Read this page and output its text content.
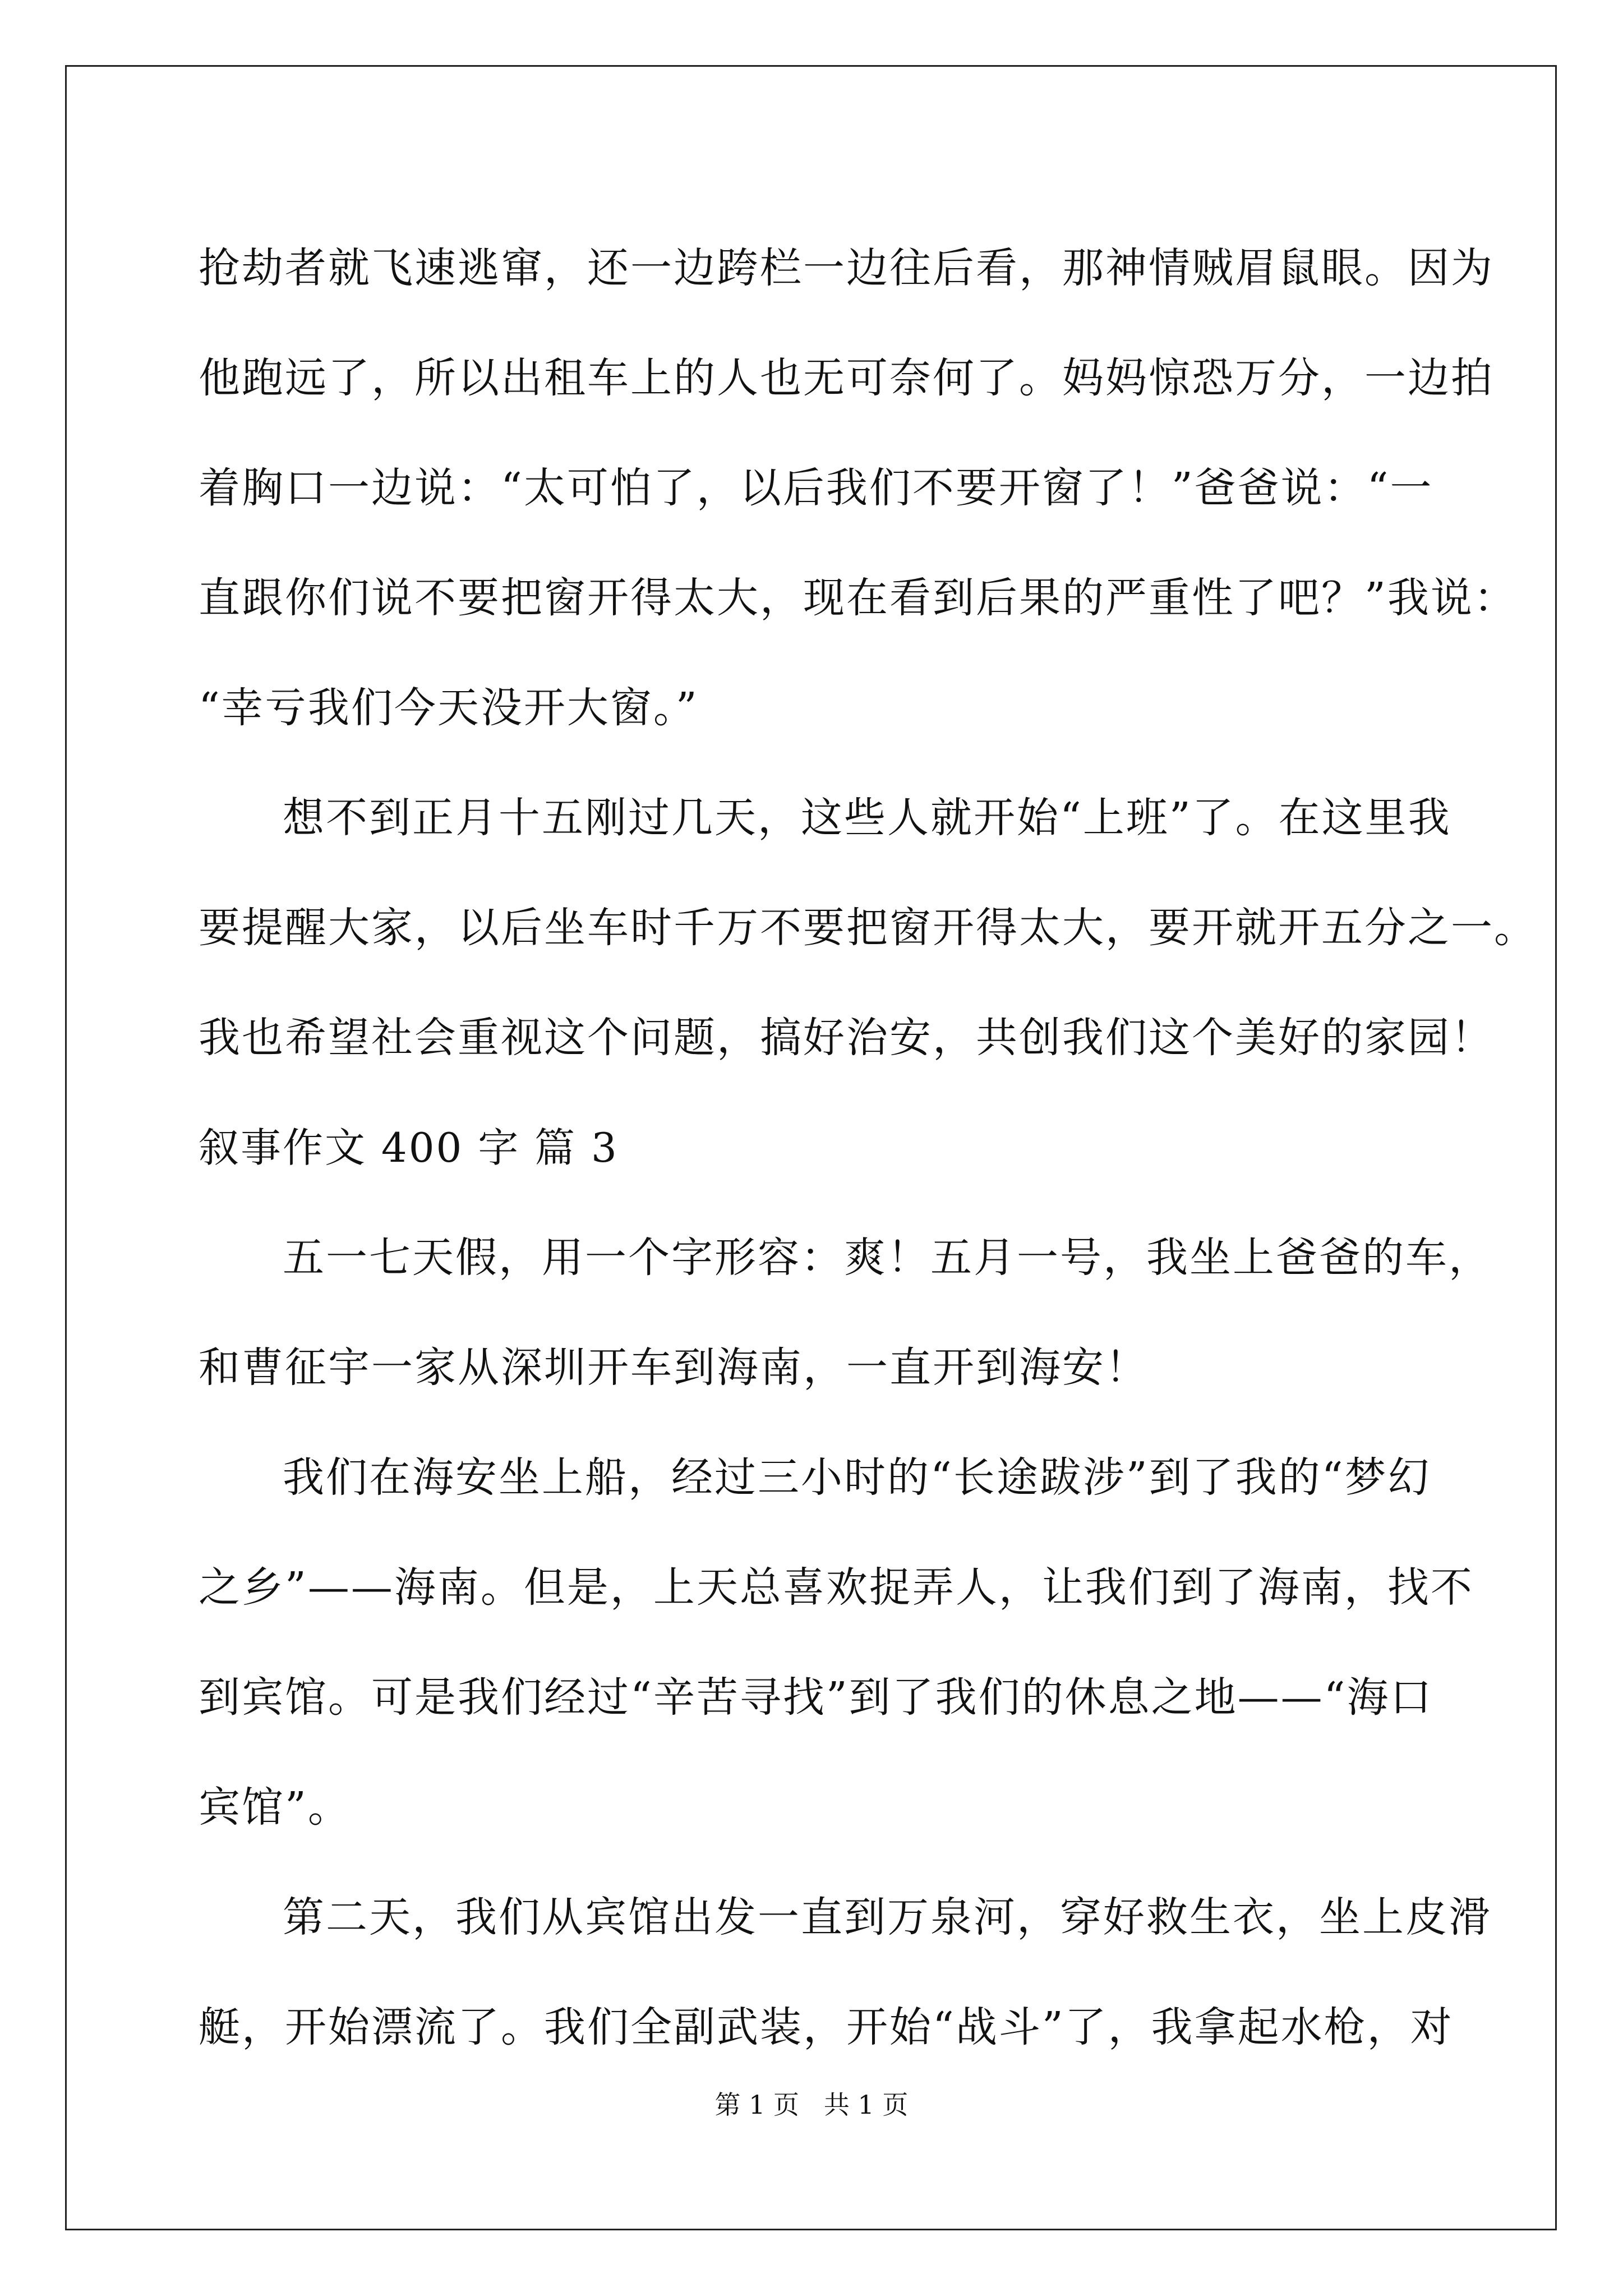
抢劫者就飞速逃窜，还一边跨栏一边往后看，那神情贼眉鼠眼。因为
他跑远了，所以出租车上的人也无可奈何了。妈妈惊恐万分，一边拍
着胸口一边说：“太可怕了，以后我们不要开窗了！”爸爸说：“一
直跟你们说不要把窗开得太大，现在看到后果的严重性了吧？”我说：
“幸亏我们今天没开大窗。”
想不到正月十五刚过几天，这些人就开始“上班”了。在这里我
要提醒大家，以后坐车时千万不要把窗开得太大，要开就开五分之一。
我也希望社会重视这个问题，搞好治安，共创我们这个美好的家园！
叙事作文 400 字 篇 3
五一七天假，用一个字形容：爽！五月一号，我坐上爸爸的车，
和曹征宇一家从深圳开车到海南，一直开到海安！
我们在海安坐上船，经过三小时的“长途跋涉”到了我的“梦幻
之乡”——海南。但是，上天总喜欢捉弄人，让我们到了海南，找不
到宾馆。可是我们经过“辛苦寻找”到了我们的休息之地——“海口
宾馆”。
第二天，我们从宾馆出发一直到万泉河，穿好救生衣，坐上皮滑
艇，开始漂流了。我们全副武装，开始“战斗”了，我拿起水枪，对
第 1 页   共 1 页
